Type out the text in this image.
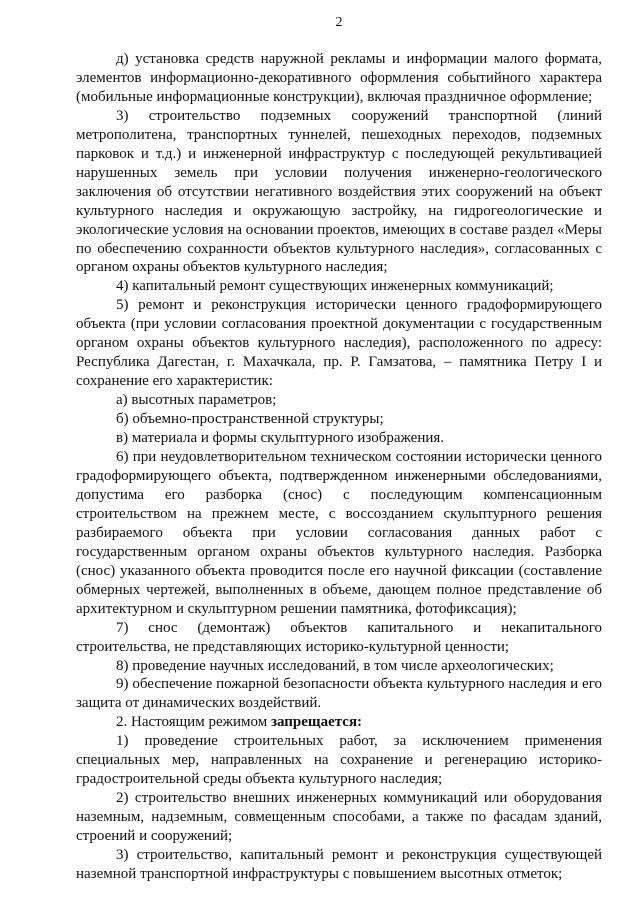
2

д) установка средств наружной рекламы и информации малого формата, элементов информационно-декоративного оформления событийного характера (мобильные информационные конструкции), включая праздничное оформление;

3) строительство подземных сооружений транспортной (линий метрополитена, транспортных туннелей, пешеходных переходов, подземных парковок и т.д.) и инженерной инфраструктур с последующей рекультивацией нарушенных земель при условии получения инженерно-геологического заключения об отсутствии негативного воздействия этих сооружений на объект культурного наследия и окружающую застройку, на гидрогеологические и экологические условия на основании проектов, имеющих в составе раздел «Меры по обеспечению сохранности объектов культурного наследия», согласованных с органом охраны объектов культурного наследия;

4) капитальный ремонт существующих инженерных коммуникаций;

5) ремонт и реконструкция исторически ценного градоформирующего объекта (при условии согласования проектной документации с государственным органом охраны объектов культурного наследия), расположенного по адресу: Республика Дагестан, г. Махачкала, пр. Р. Гамзатова, – памятника Петру I и сохранение его характеристик:

а) высотных параметров;

б) объемно-пространственной структуры;

в) материала и формы скульптурного изображения.

6) при неудовлетворительном техническом состоянии исторически ценного градоформирующего объекта, подтвержденном инженерными обследованиями, допустима его разборка (снос) с последующим компенсационным строительством на прежнем месте, с воссозданием скульптурного решения разбираемого объекта при условии согласования данных работ с государственным органом охраны объектов культурного наследия. Разборка (снос) указанного объекта проводится после его научной фиксации (составление обмерных чертежей, выполненных в объеме, дающем полное представление об архитектурном и скульптурном решении памятника, фотофиксация);

7) снос (демонтаж) объектов капитального и некапитального строительства, не представляющих историко-культурной ценности;

8) проведение научных исследований, в том числе археологических;

9) обеспечение пожарной безопасности объекта культурного наследия и его защита от динамических воздействий.

2. Настоящим режимом запрещается:

1) проведение строительных работ, за исключением применения специальных мер, направленных на сохранение и регенерацию историко-градостроительной среды объекта культурного наследия;

2) строительство внешних инженерных коммуникаций или оборудования наземным, надземным, совмещенным способами, а также по фасадам зданий, строений и сооружений;

3) строительство, капитальный ремонт и реконструкция существующей наземной транспортной инфраструктуры с повышением высотных отметок;
